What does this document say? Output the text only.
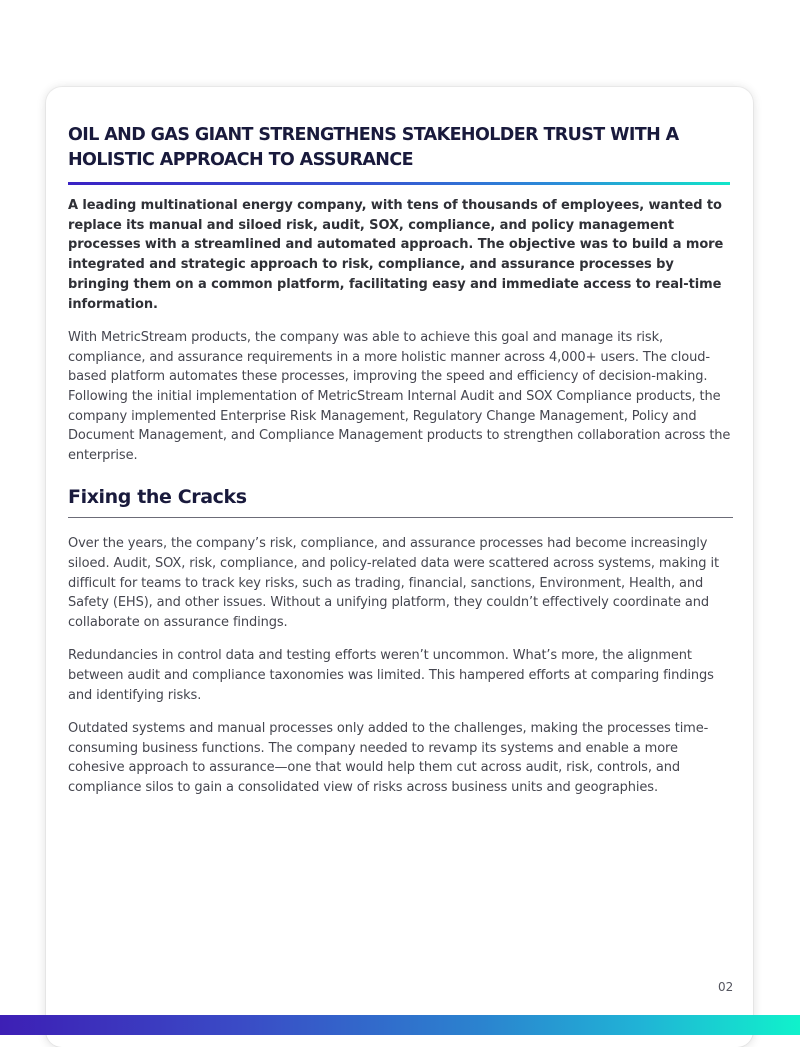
OIL AND GAS GIANT STRENGTHENS STAKEHOLDER TRUST WITH A HOLISTIC APPROACH TO ASSURANCE

A leading multinational energy company, with tens of thousands of employees, wanted to replace its manual and siloed risk, audit, SOX, compliance, and policy management processes with a streamlined and automated approach. The objective was to build a more integrated and strategic approach to risk, compliance, and assurance processes by bringing them on a common platform, facilitating easy and immediate access to real-time information.

With MetricStream products, the company was able to achieve this goal and manage its risk, compliance, and assurance requirements in a more holistic manner across 4,000+ users. The cloud-based platform automates these processes, improving the speed and efficiency of decision-making. Following the initial implementation of MetricStream Internal Audit and SOX Compliance products, the company implemented Enterprise Risk Management, Regulatory Change Management, Policy and Document Management, and Compliance Management products to strengthen collaboration across the enterprise.

Fixing the Cracks

Over the years, the company’s risk, compliance, and assurance processes had become increasingly siloed. Audit, SOX, risk, compliance, and policy-related data were scattered across systems, making it difficult for teams to track key risks, such as trading, financial, sanctions, Environment, Health, and Safety (EHS), and other issues. Without a unifying platform, they couldn’t effectively coordinate and collaborate on assurance findings.

Redundancies in control data and testing efforts weren’t uncommon. What’s more, the alignment between audit and compliance taxonomies was limited. This hampered efforts at comparing findings and identifying risks.

Outdated systems and manual processes only added to the challenges, making the processes time-consuming business functions. The company needed to revamp its systems and enable a more cohesive approach to assurance—one that would help them cut across audit, risk, controls, and compliance silos to gain a consolidated view of risks across business units and geographies.

02
